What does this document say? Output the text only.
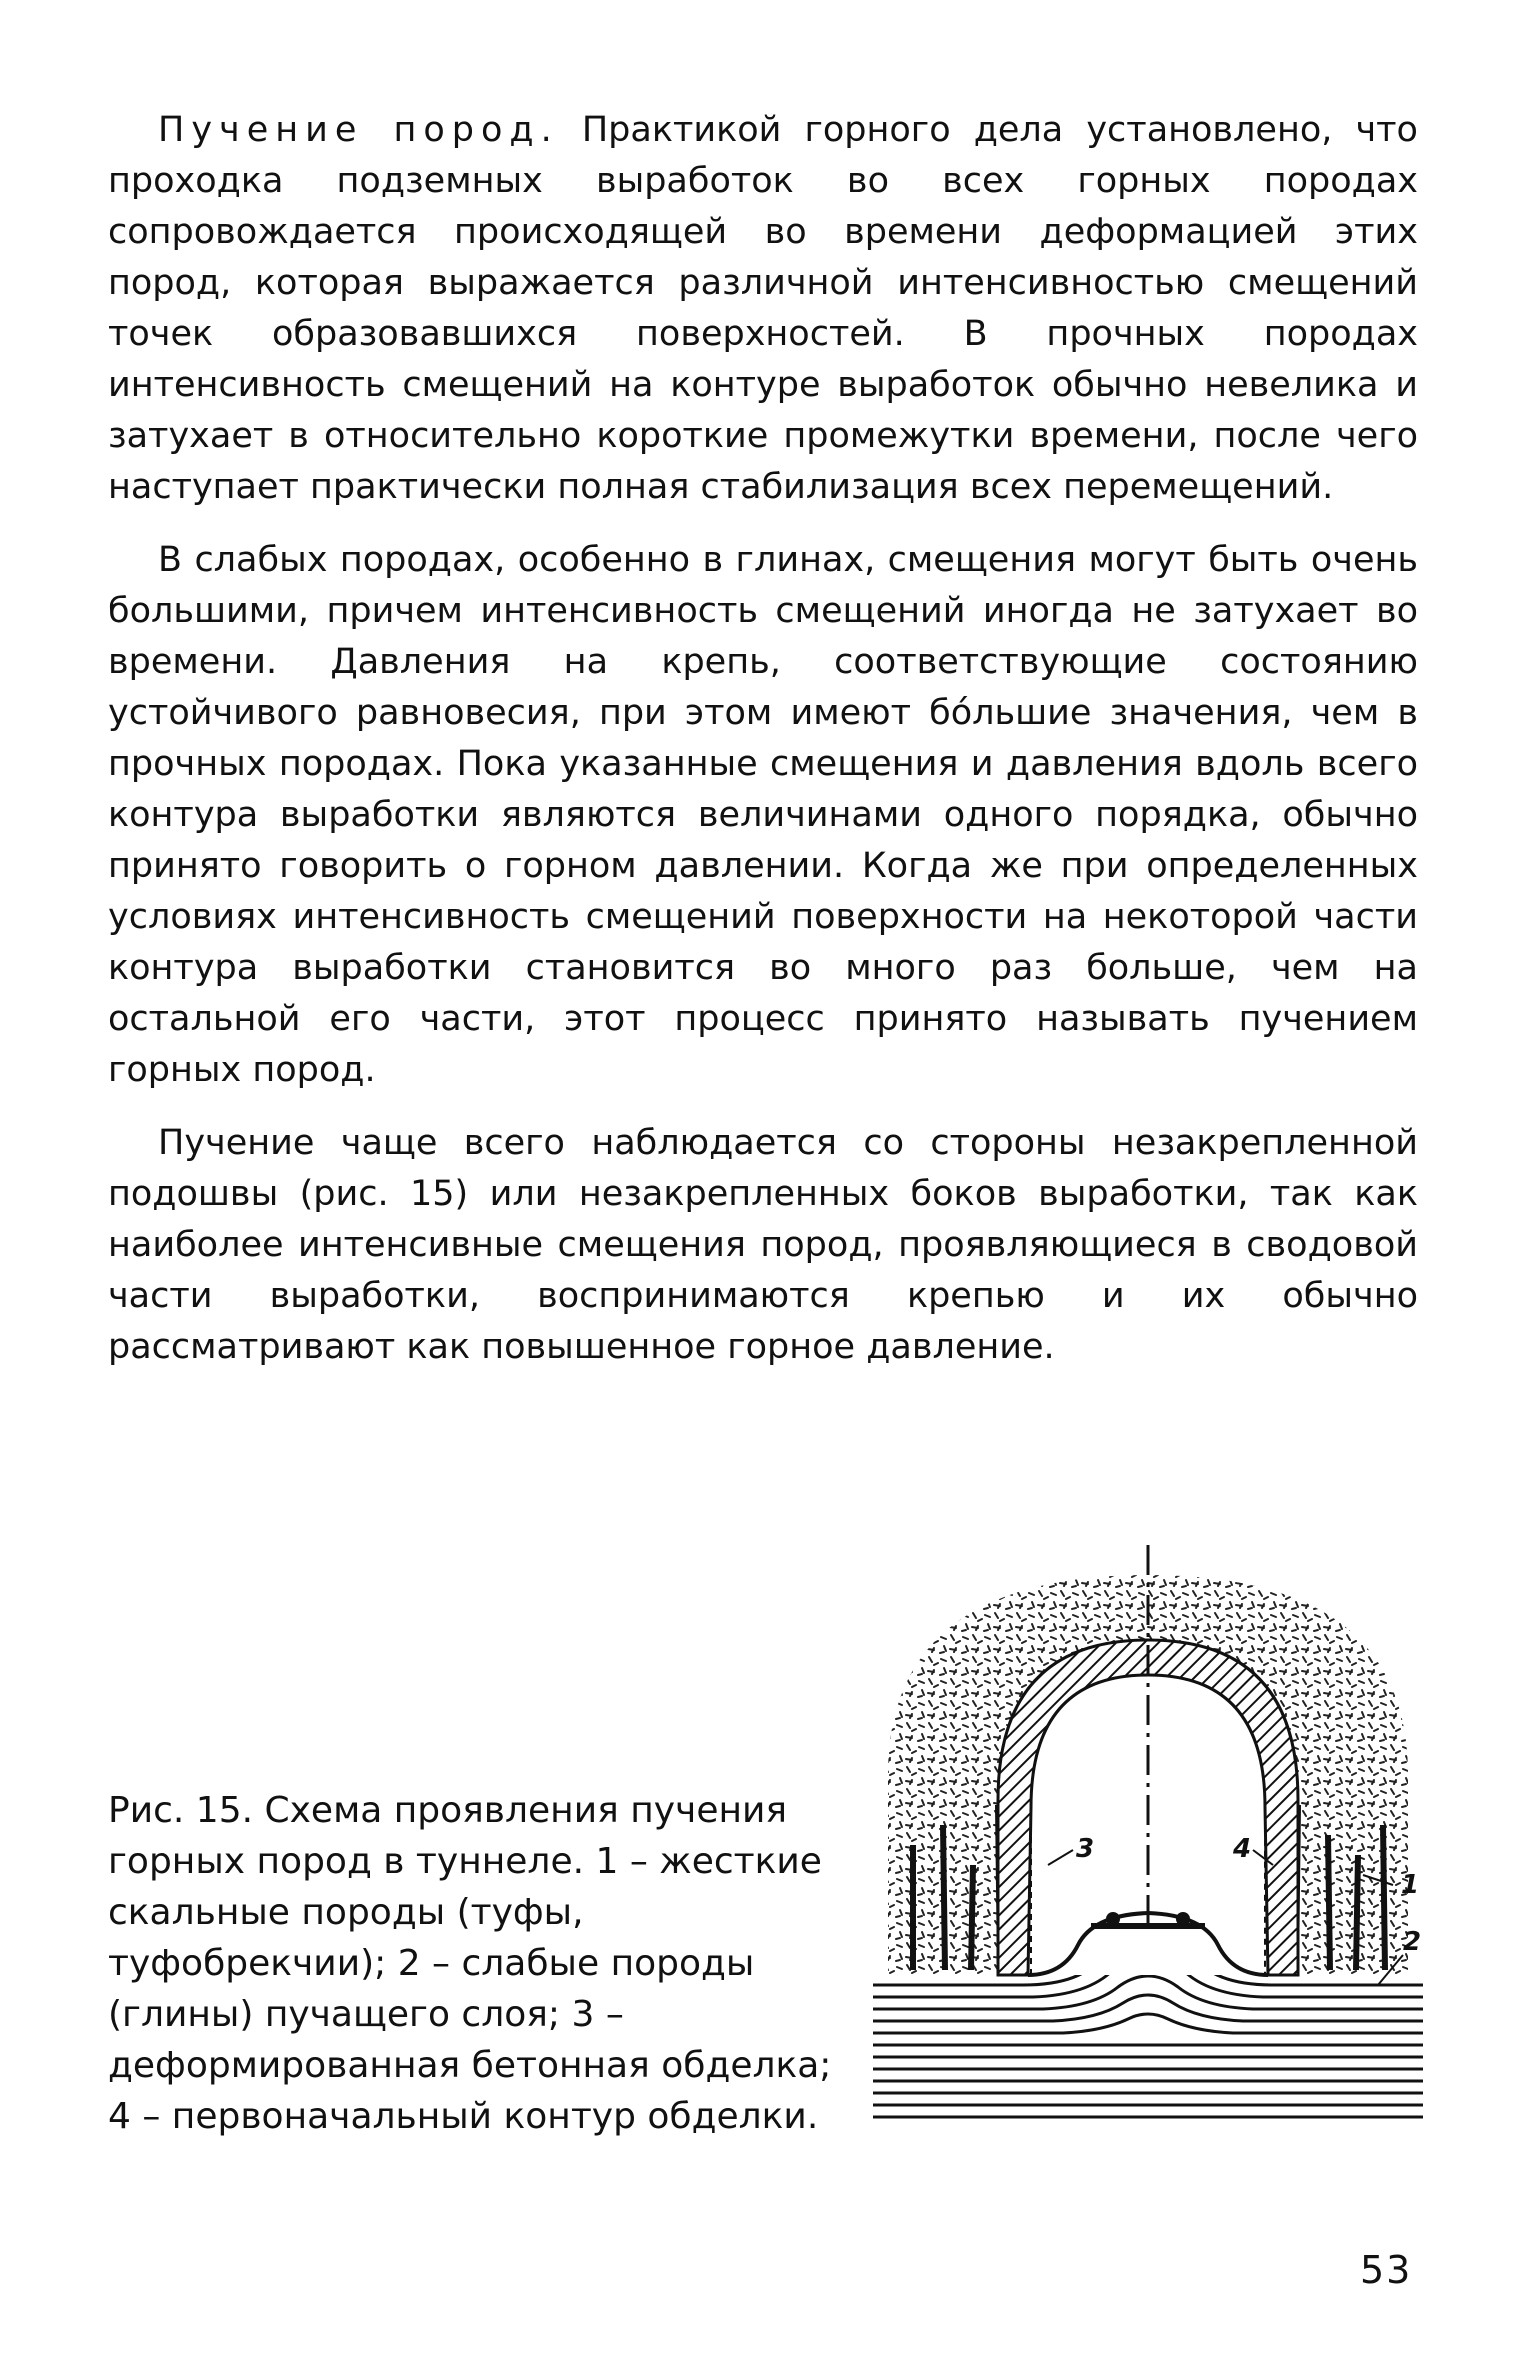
Пучение пород. Практикой горного дела установлено, что проходка подземных выработок во всех горных породах сопровождается происходящей во времени деформацией этих пород, которая выражается различной интенсивностью смещений точек образовавшихся поверхностей. В прочных породах интенсивность смещений на контуре выработок обычно невелика и затухает в относительно короткие промежутки времени, после чего наступает практически полная стабилизация всех перемещений.

В слабых породах, особенно в глинах, смещения могут быть очень большими, причем интенсивность смещений иногда не затухает во времени. Давления на крепь, соответствующие состоянию устойчивого равновесия, при этом имеют бо́льшие значения, чем в прочных породах. Пока указанные смещения и давления вдоль всего контура выработки являются величинами одного порядка, обычно принято говорить о горном давлении. Когда же при определенных условиях интенсивность смещений поверхности на некоторой части контура выработки становится во много раз больше, чем на остальной его части, этот процесс принято называть пучением горных пород.

Пучение чаще всего наблюдается со стороны незакрепленной подошвы (рис. 15) или незакрепленных боков выработки, так как наиболее интенсивные смещения пород, проявляющиеся в сводовой части выработки, воспринимаются крепью и их обычно рассматривают как повышенное горное давление.

Рис. 15. Схема проявления пучения горных пород в туннеле. 1 – жесткие скальные породы (туфы, туфобрекчии); 2 – слабые породы (глины) пучащего слоя; 3 – деформированная бетонная обделка; 4 – первоначальный контур обделки.
1
2
3	4
53
